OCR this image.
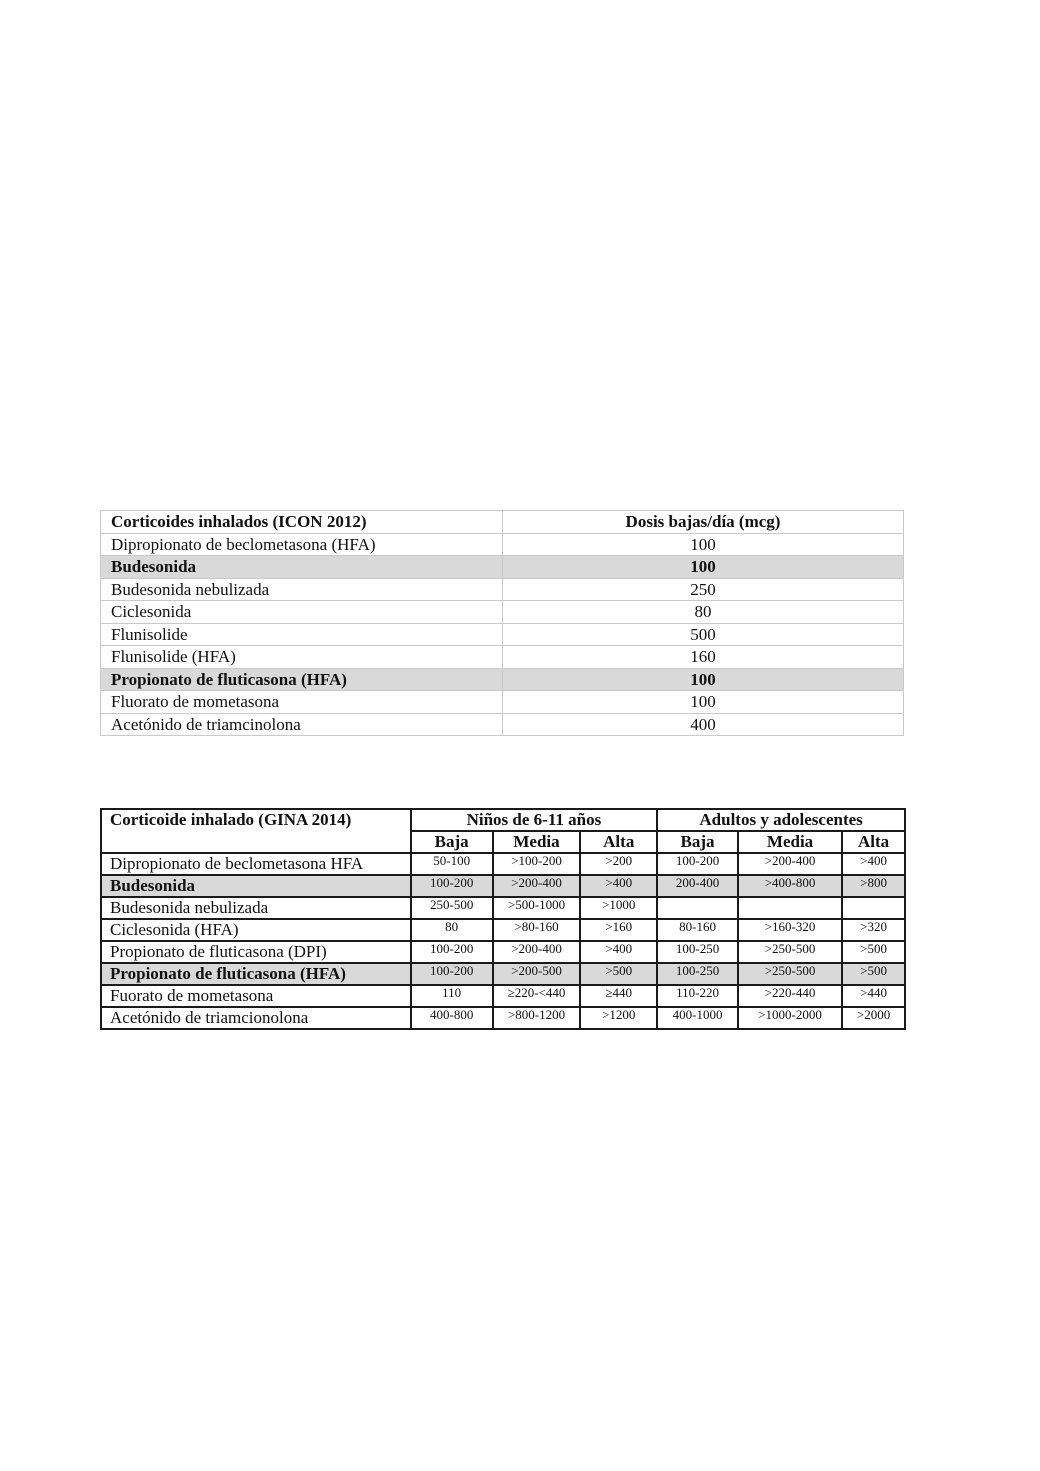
Corticoides inhalados (ICON 2012)	Dosis bajas/día (mcg)
Dipropionato de beclometasona (HFA)	100
Budesonida	100
Budesonida nebulizada	250
Ciclesonida	80
Flunisolide	500
Flunisolide (HFA)	160
Propionato de fluticasona (HFA)	100
Fluorato de mometasona	100
Acetónido de triamcinolona	400
Corticoide inhalado (GINA 2014)	Niños de 6-11 años			Adultos y adolescentes		
	Baja	Media	Alta	Baja	Media	Alta
Dipropionato de beclometasona HFA	50-100	>100-200	>200	100-200	>200-400	>400
Budesonida	100-200	>200-400	>400	200-400	>400-800	>800
Budesonida nebulizada	250-500	>500-1000	>1000			
Ciclesonida (HFA)	80	>80-160	>160	80-160	>160-320	>320
Propionato de fluticasona (DPI)	100-200	>200-400	>400	100-250	>250-500	>500
Propionato de fluticasona (HFA)	100-200	>200-500	>500	100-250	>250-500	>500
Fuorato de mometasona	110	≥220-<440	≥440	110-220	>220-440	>440
Acetónido de triamcionolona	400-800	>800-1200	>1200	400-1000	>1000-2000	>2000
